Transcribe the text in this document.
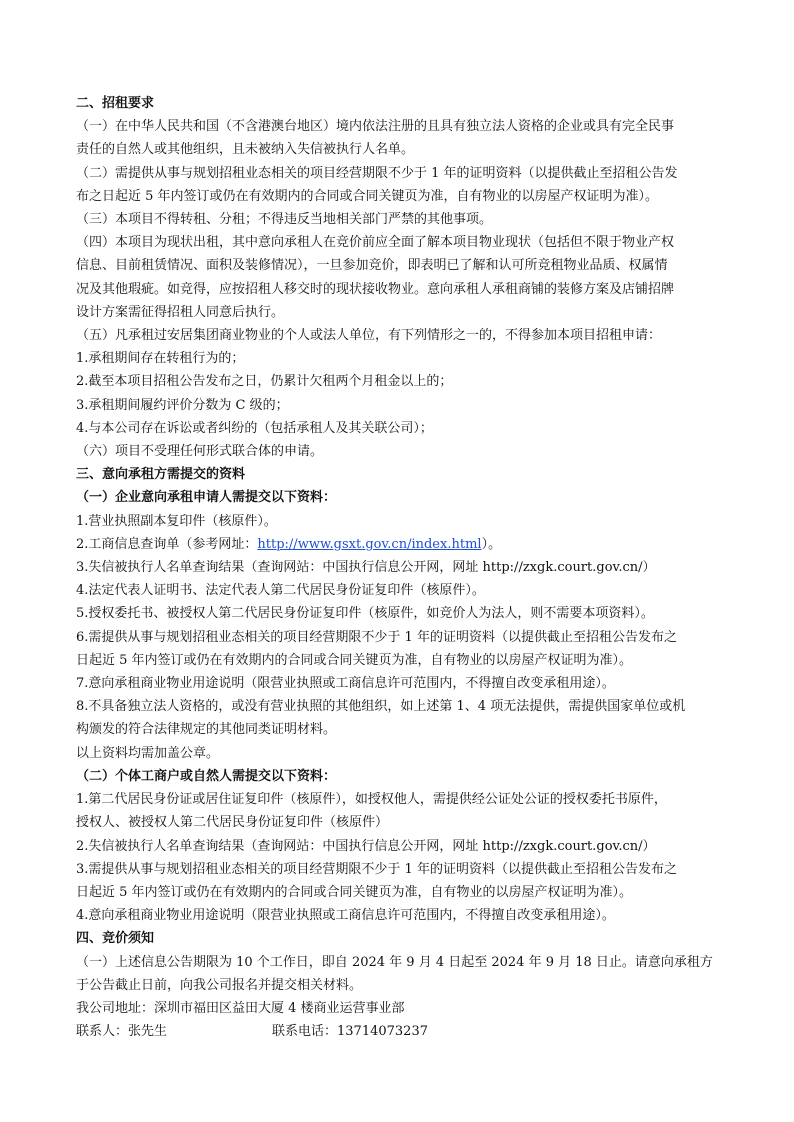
二、招租要求

（一）在中华人民共和国（不含港澳台地区）境内依法注册的且具有独立法人资格的企业或具有完全民事

责任的自然人或其他组织，且未被纳入失信被执行人名单。

（二）需提供从事与规划招租业态相关的项目经营期限不少于 1 年的证明资料（以提供截止至招租公告发

布之日起近 5 年内签订或仍在有效期内的合同或合同关键页为准，自有物业的以房屋产权证明为准）。

（三）本项目不得转租、分租；不得违反当地相关部门严禁的其他事项。

（四）本项目为现状出租，其中意向承租人在竞价前应全面了解本项目物业现状（包括但不限于物业产权

信息、目前租赁情况、面积及装修情况），一旦参加竞价，即表明已了解和认可所竞租物业品质、权属情

况及其他瑕疵。如竞得，应按招租人移交时的现状接收物业。意向承租人承租商铺的装修方案及店铺招牌

设计方案需征得招租人同意后执行。

（五）凡承租过安居集团商业物业的个人或法人单位，有下列情形之一的，不得参加本项目招租申请：

1.承租期间存在转租行为的；

2.截至本项目招租公告发布之日，仍累计欠租两个月租金以上的；

3.承租期间履约评价分数为 C 级的；

4.与本公司存在诉讼或者纠纷的（包括承租人及其关联公司）；

（六）项目不受理任何形式联合体的申请。

三、意向承租方需提交的资料

（一）企业意向承租申请人需提交以下资料：

1.营业执照副本复印件（核原件）。

2.工商信息查询单（参考网址：http://www.gsxt.gov.cn/index.html）。

3.失信被执行人名单查询结果（查询网站：中国执行信息公开网，网址 http://zxgk.court.gov.cn/）

4.法定代表人证明书、法定代表人第二代居民身份证复印件（核原件）。

5.授权委托书、被授权人第二代居民身份证复印件（核原件，如竞价人为法人，则不需要本项资料）。

6.需提供从事与规划招租业态相关的项目经营期限不少于 1 年的证明资料（以提供截止至招租公告发布之

日起近 5 年内签订或仍在有效期内的合同或合同关键页为准，自有物业的以房屋产权证明为准）。

7.意向承租商业物业用途说明（限营业执照或工商信息许可范围内，不得擅自改变承租用途）。

8.不具备独立法人资格的，或没有营业执照的其他组织，如上述第 1、4 项无法提供，需提供国家单位或机

构颁发的符合法律规定的其他同类证明材料。

以上资料均需加盖公章。

（二）个体工商户或自然人需提交以下资料：

1.第二代居民身份证或居住证复印件（核原件），如授权他人，需提供经公证处公证的授权委托书原件，

授权人、被授权人第二代居民身份证复印件（核原件）

2.失信被执行人名单查询结果（查询网站：中国执行信息公开网，网址 http://zxgk.court.gov.cn/）

3.需提供从事与规划招租业态相关的项目经营期限不少于 1 年的证明资料（以提供截止至招租公告发布之

日起近 5 年内签订或仍在有效期内的合同或合同关键页为准，自有物业的以房屋产权证明为准）。

4.意向承租商业物业用途说明（限营业执照或工商信息许可范围内，不得擅自改变承租用途）。

四、竞价须知

（一）上述信息公告期限为 10 个工作日，即自 2024 年 9 月 4 日起至 2024 年 9 月 18 日止。请意向承租方

于公告截止日前，向我公司报名并提交相关材料。

我公司地址：深圳市福田区益田大厦 4 楼商业运营事业部

联系人：张先生	联系电话：13714073237
